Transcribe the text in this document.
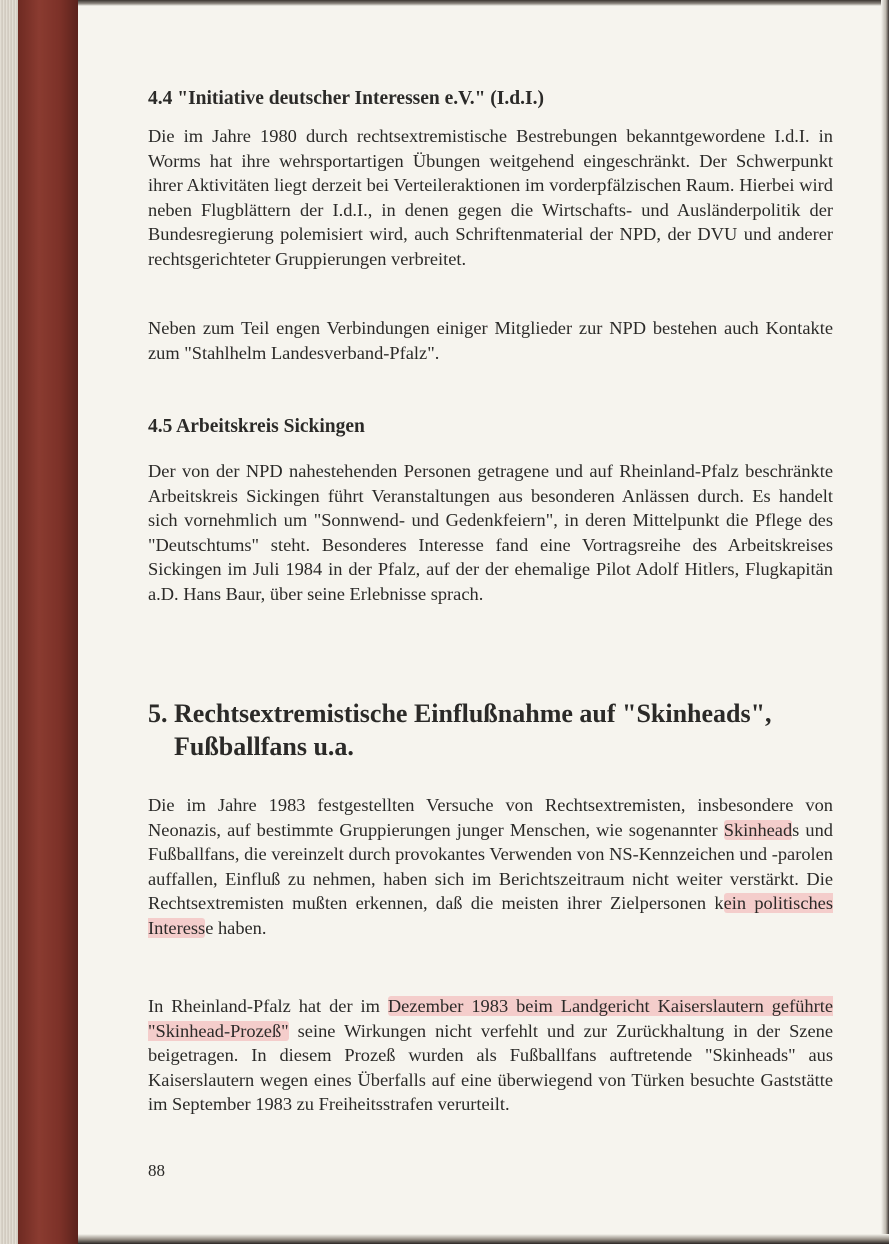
4.4 "Initiative deutscher Interessen e.V." (I.d.I.)

Die im Jahre 1980 durch rechtsextremistische Bestrebungen bekanntgewordene I.d.I. in Worms hat ihre wehrsportartigen Übungen weitgehend eingeschränkt. Der Schwerpunkt ihrer Aktivitäten liegt derzeit bei Verteileraktionen im vorderpfälzischen Raum. Hierbei wird neben Flugblättern der I.d.I., in denen gegen die Wirtschafts- und Ausländerpolitik der Bundesregierung polemisiert wird, auch Schriftenmaterial der NPD, der DVU und anderer rechtsgerichteter Gruppierungen verbreitet.

Neben zum Teil engen Verbindungen einiger Mitglieder zur NPD bestehen auch Kontakte zum "Stahlhelm Landesverband-Pfalz".

4.5 Arbeitskreis Sickingen

Der von der NPD nahestehenden Personen getragene und auf Rheinland-Pfalz beschränkte Arbeitskreis Sickingen führt Veranstaltungen aus besonderen Anlässen durch. Es handelt sich vornehmlich um "Sonnwend- und Gedenkfeiern", in deren Mittelpunkt die Pflege des "Deutschtums" steht. Besonderes Interesse fand eine Vortragsreihe des Arbeitskreises Sickingen im Juli 1984 in der Pfalz, auf der der ehemalige Pilot Adolf Hitlers, Flugkapitän a.D. Hans Baur, über seine Erlebnisse sprach.

5. Rechtsextremistische Einflußnahme auf "Skinheads", Fußballfans u.a.

Die im Jahre 1983 festgestellten Versuche von Rechtsextremisten, insbesondere von Neonazis, auf bestimmte Gruppierungen junger Menschen, wie sogenannter Skinheads und Fußballfans, die vereinzelt durch provokantes Verwenden von NS-Kennzeichen und -parolen auffallen, Einfluß zu nehmen, haben sich im Berichtszeitraum nicht weiter verstärkt. Die Rechtsextremisten mußten erkennen, daß die meisten ihrer Zielpersonen kein politisches Interesse haben.

In Rheinland-Pfalz hat der im Dezember 1983 beim Landgericht Kaiserslautern geführte "Skinhead-Prozeß" seine Wirkungen nicht verfehlt und zur Zurückhaltung in der Szene beigetragen. In diesem Prozeß wurden als Fußballfans auftretende "Skinheads" aus Kaiserslautern wegen eines Überfalls auf eine überwiegend von Türken besuchte Gaststätte im September 1983 zu Freiheitsstrafen verurteilt.

88
